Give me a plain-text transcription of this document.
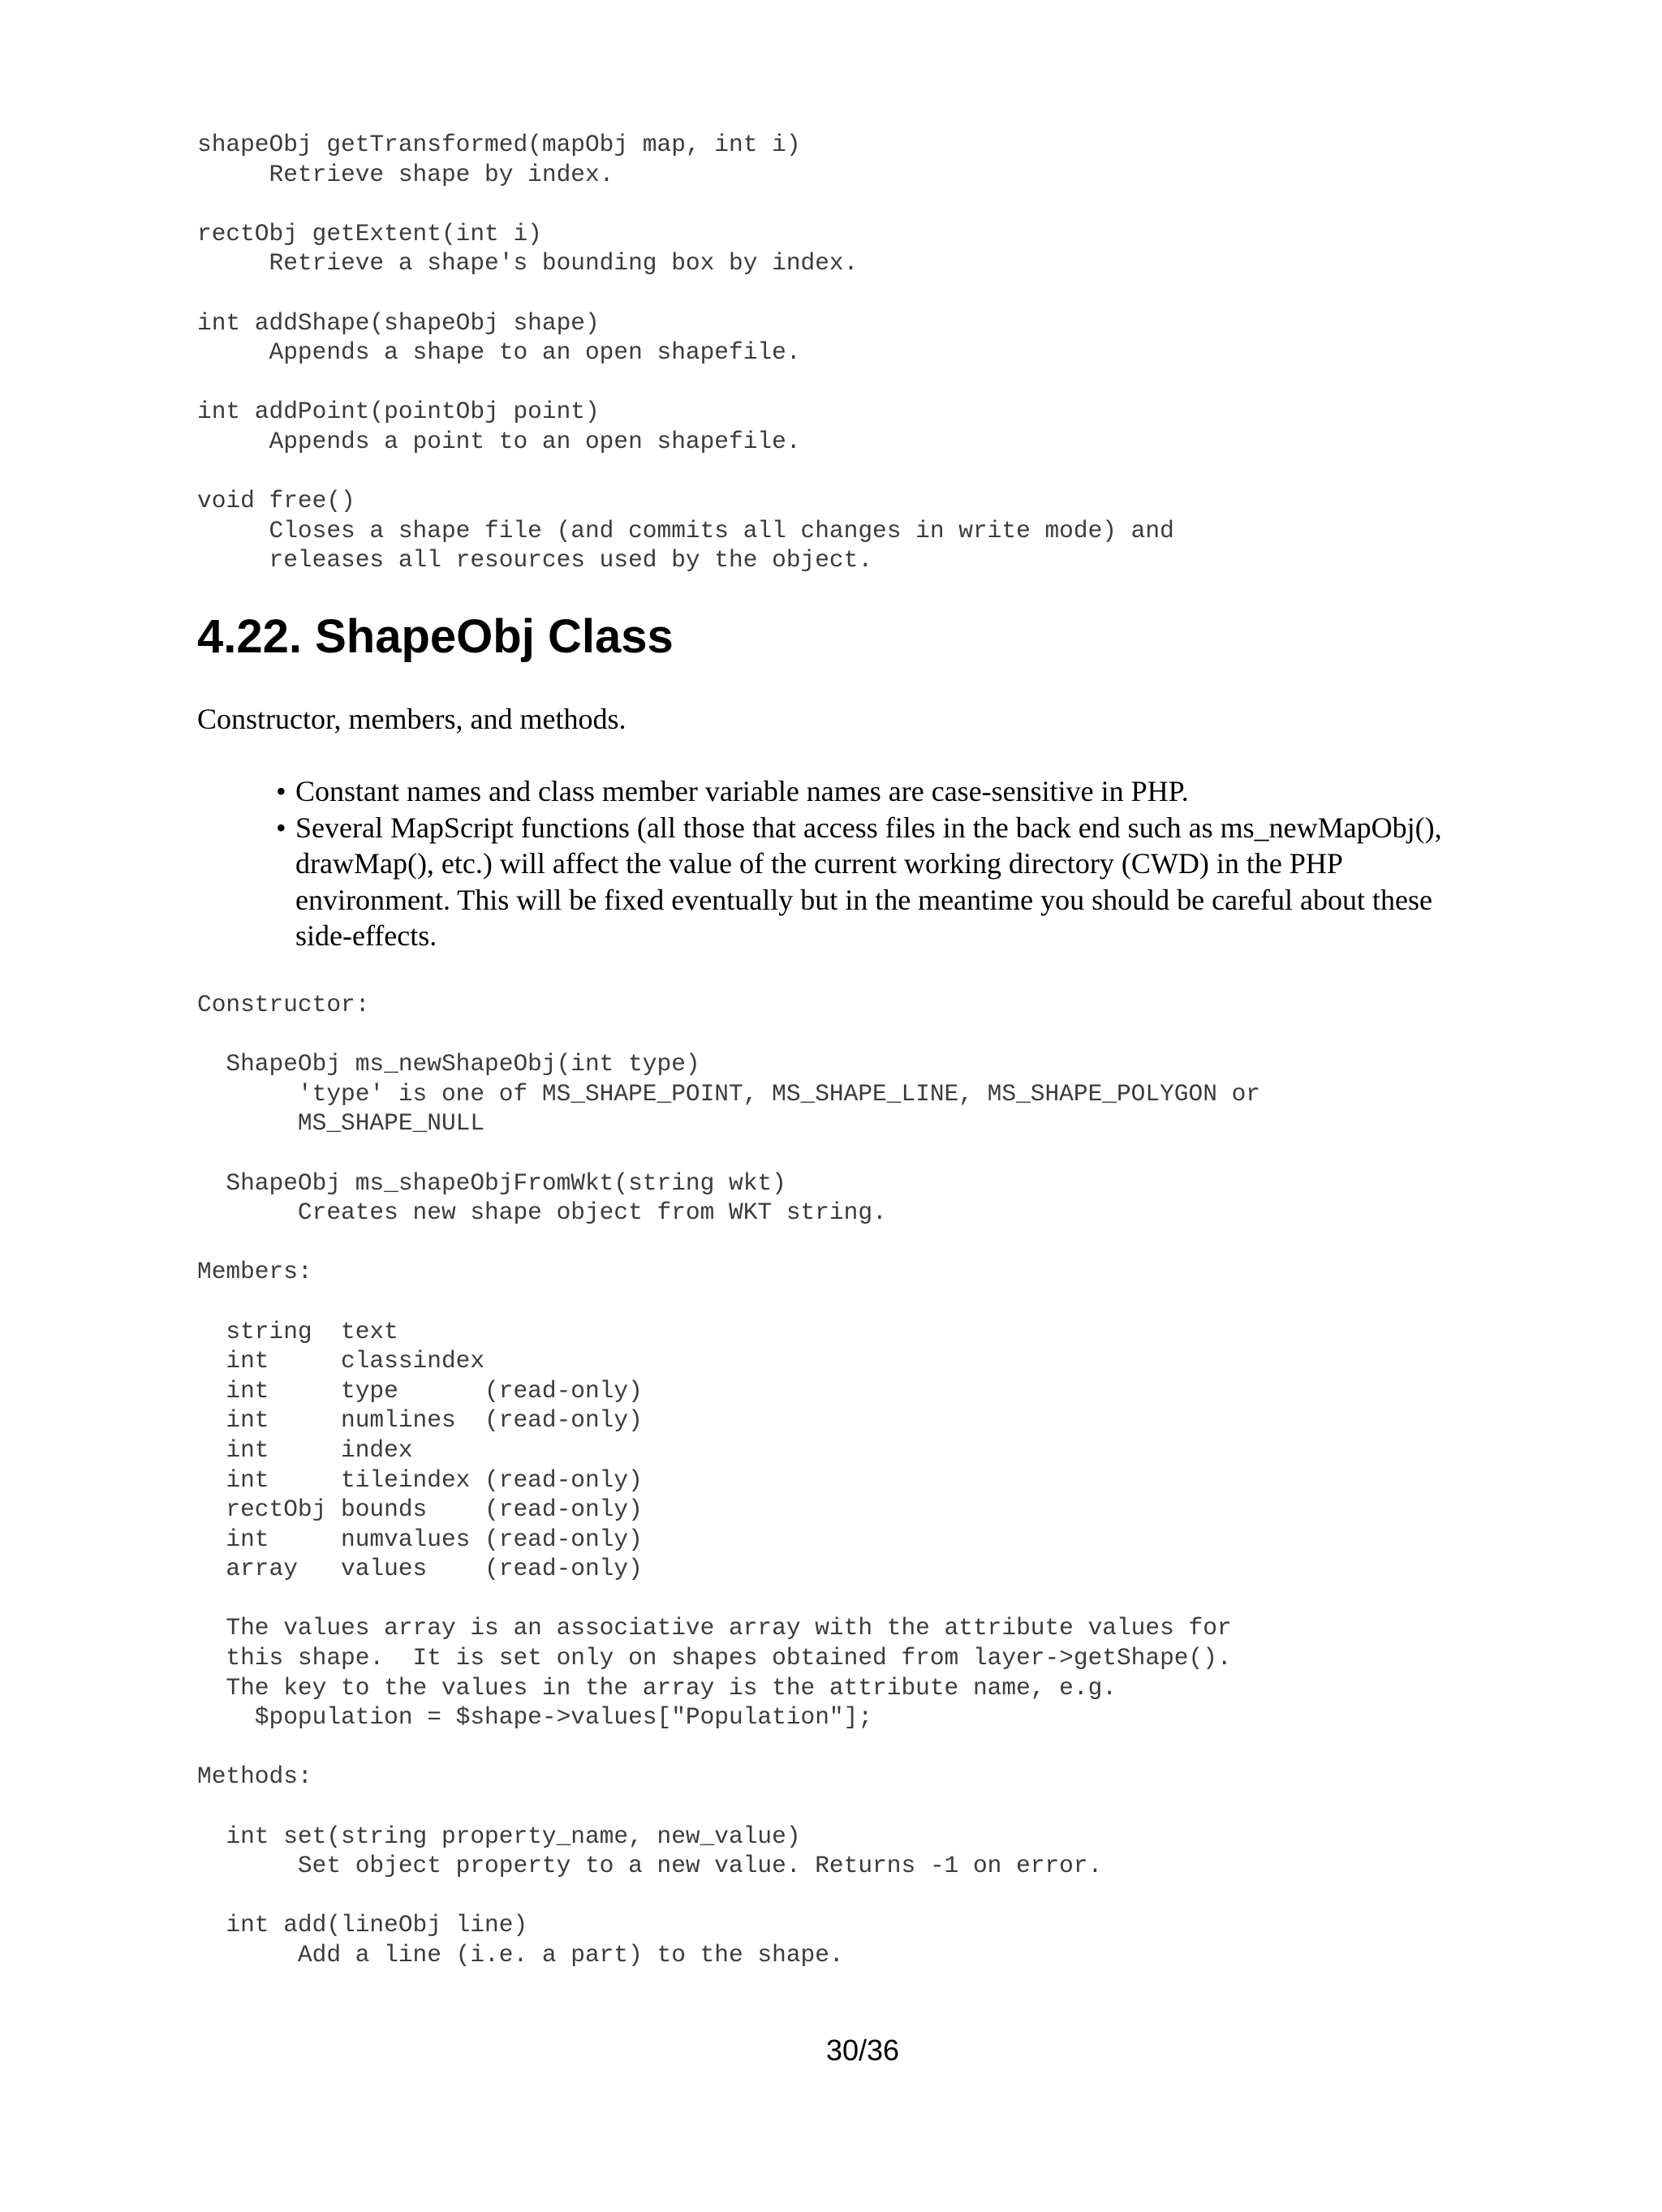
shapeObj getTransformed(mapObj map, int i)
Retrieve shape by index.

rectObj getExtent(int i)
Retrieve a shape's bounding box by index.

int addShape(shapeObj shape)
Appends a shape to an open shapefile.

int addPoint(pointObj point)
Appends a point to an open shapefile.

void free()
Closes a shape file (and commits all changes in write mode) and
releases all resources used by the object.
4.22. ShapeObj Class

Constructor, members, and methods.

• Constant names and class member variable names are case-sensitive in PHP.
• Several MapScript functions (all those that access files in the back end such as ms_newMapObj(), drawMap(), etc.) will affect the value of the current working directory (CWD) in the PHP environment. This will be fixed eventually but in the meantime you should be careful about these side-effects.
Constructor:

ShapeObj ms_newShapeObj(int type)
'type' is one of MS_SHAPE_POINT, MS_SHAPE_LINE, MS_SHAPE_POLYGON or
MS_SHAPE_NULL

ShapeObj ms_shapeObjFromWkt(string wkt)
Creates new shape object from WKT string.

Members:

string  text
int     classindex
int     type      (read-only)
int     numlines  (read-only)
int     index
int     tileindex (read-only)
rectObj bounds    (read-only)
int     numvalues (read-only)
array   values    (read-only)

The values array is an associative array with the attribute values for
this shape.  It is set only on shapes obtained from layer->getShape().
The key to the values in the array is the attribute name, e.g.
$population = $shape->values["Population"];

Methods:

int set(string property_name, new_value)
Set object property to a new value. Returns -1 on error.

int add(lineObj line)
Add a line (i.e. a part) to the shape.
30/36
